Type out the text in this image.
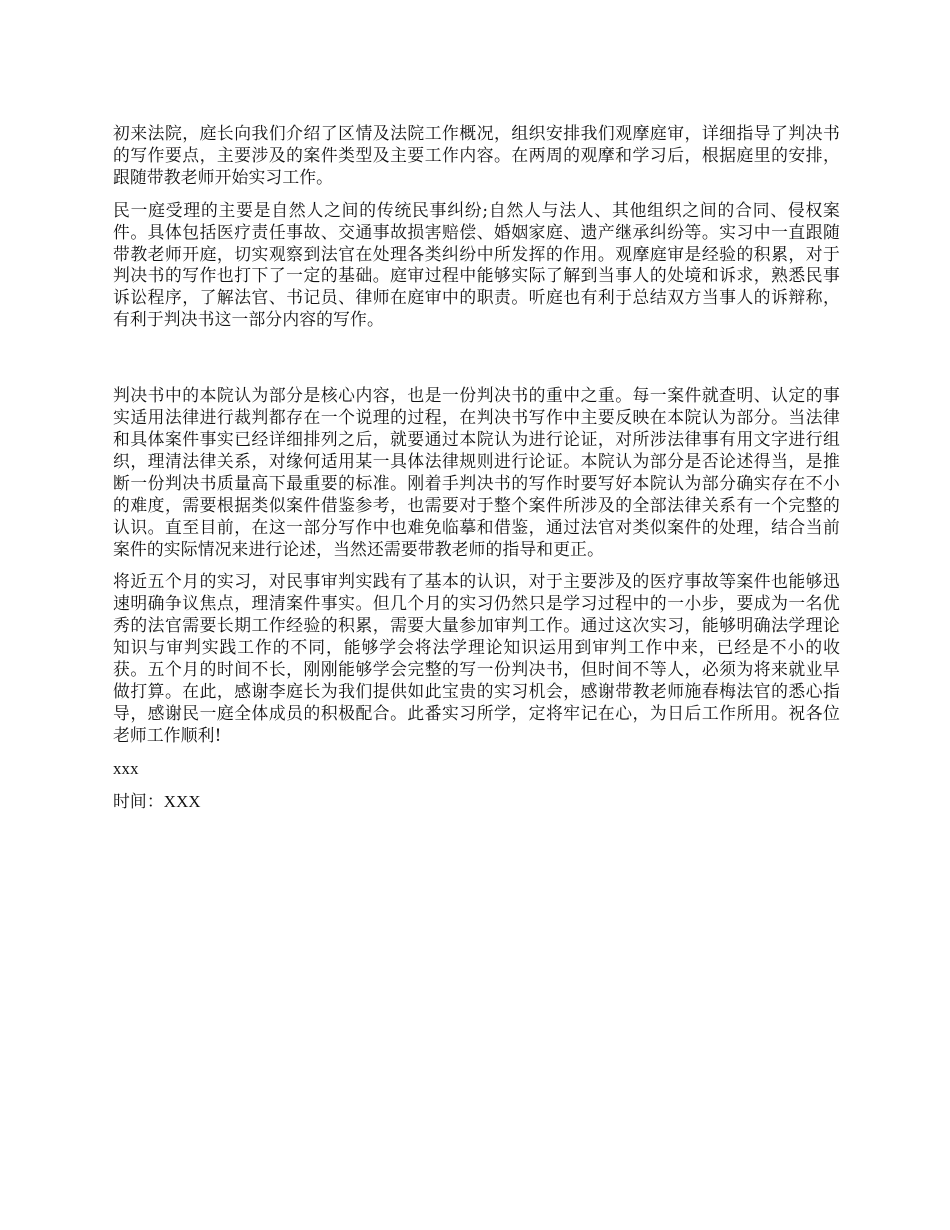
初来法院，庭长向我们介绍了区情及法院工作概况，组织安排我们观摩庭审，详细指导了判决书的写作要点，主要涉及的案件类型及主要工作内容。在两周的观摩和学习后，根据庭里的安排，跟随带教老师开始实习工作。

民一庭受理的主要是自然人之间的传统民事纠纷;自然人与法人、其他组织之间的合同、侵权案件。具体包括医疗责任事故、交通事故损害赔偿、婚姻家庭、遗产继承纠纷等。实习中一直跟随带教老师开庭，切实观察到法官在处理各类纠纷中所发挥的作用。观摩庭审是经验的积累，对于判决书的写作也打下了一定的基础。庭审过程中能够实际了解到当事人的处境和诉求，熟悉民事诉讼程序，了解法官、书记员、律师在庭审中的职责。听庭也有利于总结双方当事人的诉辩称，有利于判决书这一部分内容的写作。

判决书中的本院认为部分是核心内容，也是一份判决书的重中之重。每一案件就查明、认定的事实适用法律进行裁判都存在一个说理的过程，在判决书写作中主要反映在本院认为部分。当法律和具体案件事实已经详细排列之后，就要通过本院认为进行论证，对所涉法律事有用文字进行组织，理清法律关系，对缘何适用某一具体法律规则进行论证。本院认为部分是否论述得当，是推断一份判决书质量高下最重要的标准。刚着手判决书的写作时要写好本院认为部分确实存在不小的难度，需要根据类似案件借鉴参考，也需要对于整个案件所涉及的全部法律关系有一个完整的认识。直至目前，在这一部分写作中也难免临摹和借鉴，通过法官对类似案件的处理，结合当前案件的实际情况来进行论述，当然还需要带教老师的指导和更正。

将近五个月的实习，对民事审判实践有了基本的认识，对于主要涉及的医疗事故等案件也能够迅速明确争议焦点，理清案件事实。但几个月的实习仍然只是学习过程中的一小步，要成为一名优秀的法官需要长期工作经验的积累，需要大量参加审判工作。通过这次实习，能够明确法学理论知识与审判实践工作的不同，能够学会将法学理论知识运用到审判工作中来，已经是不小的收获。五个月的时间不长，刚刚能够学会完整的写一份判决书，但时间不等人，必须为将来就业早做打算。在此，感谢李庭长为我们提供如此宝贵的实习机会，感谢带教老师施春梅法官的悉心指导，感谢民一庭全体成员的积极配合。此番实习所学，定将牢记在心，为日后工作所用。祝各位老师工作顺利!

xxx

时间：XXX
